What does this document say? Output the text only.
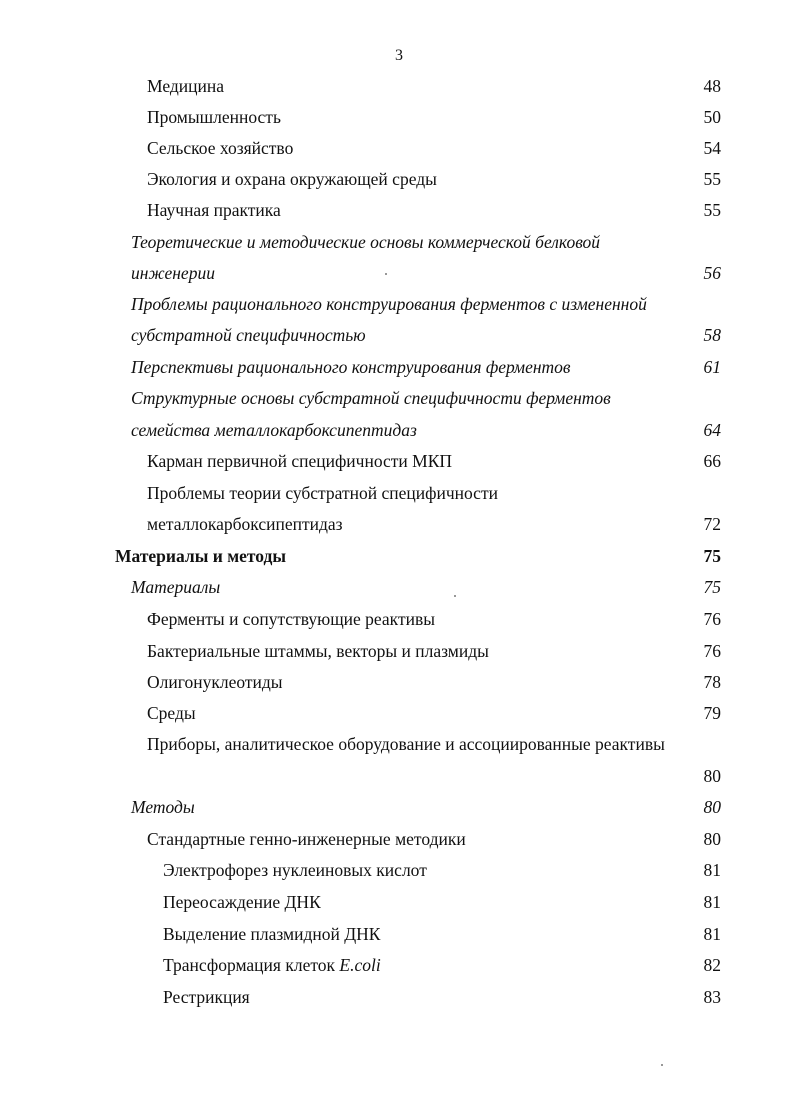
3
Медицина	48
Промышленность	50
Сельское хозяйство	54
Экология и охрана окружающей среды	55
Научная практика	55
Теоретические и методические основы коммерческой белковой
инженерии	56
Проблемы рационального конструирования ферментов с измененной
субстратной специфичностью	58
Перспективы рационального конструирования ферментов	61
Структурные основы субстратной специфичности ферментов
семейства металлокарбоксипептидаз	64
Карман первичной специфичности МКП	66
Проблемы теории субстратной специфичности
металлокарбоксипептидаз	72
Материалы и методы	75
Материалы	75
Ферменты и сопутствующие реактивы	76
Бактериальные штаммы, векторы и плазмиды	76
Олигонуклеотиды	78
Среды	79
Приборы, аналитическое оборудование и ассоциированные реактивы
80
Методы	80
Стандартные генно-инженерные методики	80
Электрофорез нуклеиновых кислот	81
Переосаждение ДНК	81
Выделение плазмидной ДНК	81
Трансформация клеток E.coli	82
Рестрикция	83
